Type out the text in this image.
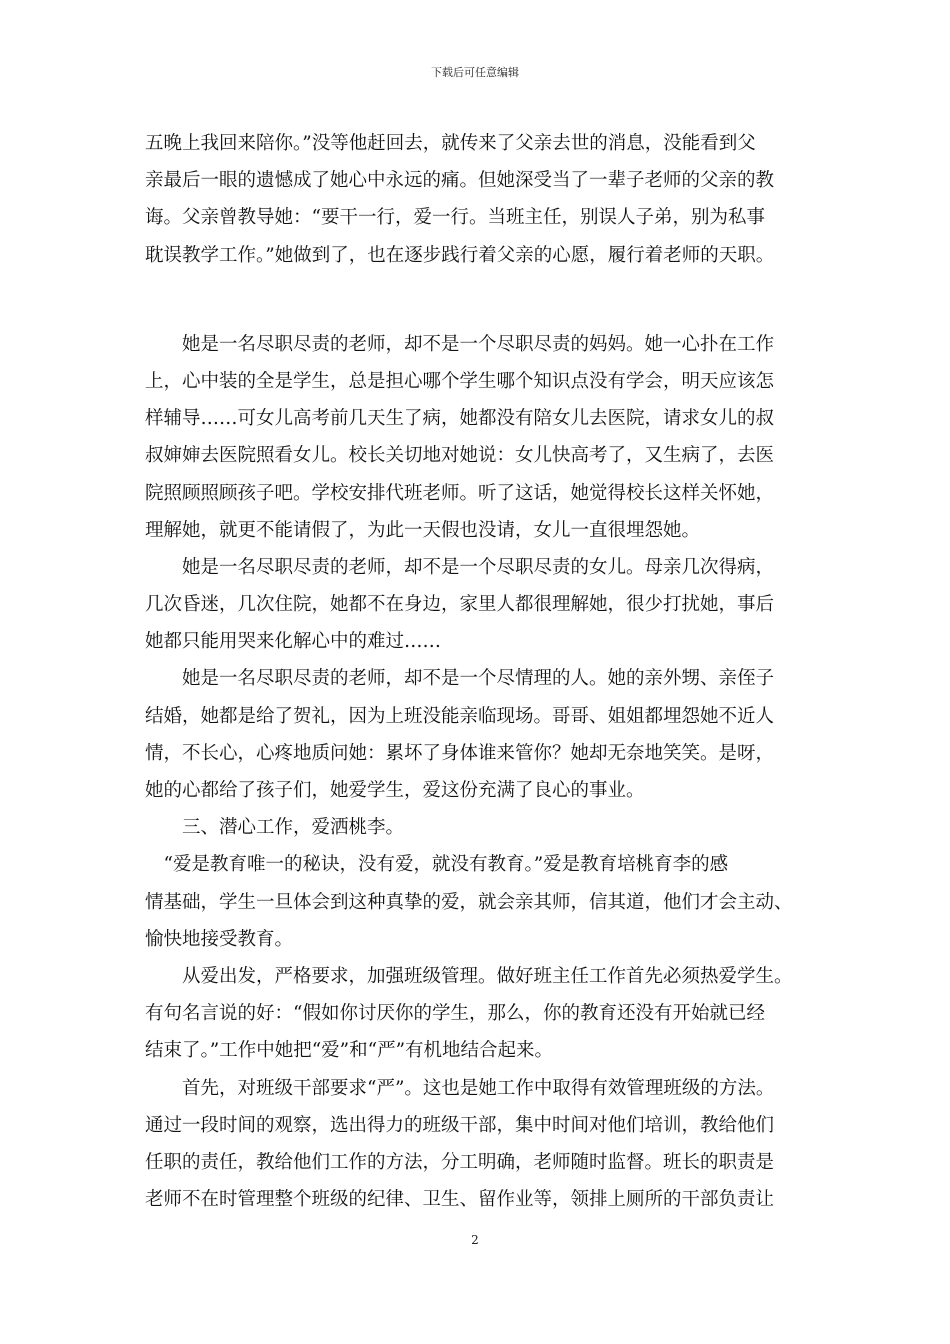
下载后可任意编辑
五晚上我回来陪你。”没等他赶回去，就传来了父亲去世的消息，没能看到父
亲最后一眼的遗憾成了她心中永远的痛。但她深受当了一辈子老师的父亲的教
诲。父亲曾教导她：“要干一行，爱一行。当班主任，别误人子弟，别为私事
耽误教学工作。”她做到了，也在逐步践行着父亲的心愿，履行着老师的天职。
　　她是一名尽职尽责的老师，却不是一个尽职尽责的妈妈。她一心扑在工作
上，心中装的全是学生，总是担心哪个学生哪个知识点没有学会，明天应该怎
样辅导……可女儿高考前几天生了病，她都没有陪女儿去医院，请求女儿的叔
叔婶婶去医院照看女儿。校长关切地对她说：女儿快高考了，又生病了，去医
院照顾照顾孩子吧。学校安排代班老师。听了这话，她觉得校长这样关怀她，
理解她，就更不能请假了，为此一天假也没请，女儿一直很埋怨她。
　　她是一名尽职尽责的老师，却不是一个尽职尽责的女儿。母亲几次得病，
几次昏迷，几次住院，她都不在身边，家里人都很理解她，很少打扰她，事后
她都只能用哭来化解心中的难过……
　　她是一名尽职尽责的老师，却不是一个尽情理的人。她的亲外甥、亲侄子
结婚，她都是给了贺礼，因为上班没能亲临现场。哥哥、姐姐都埋怨她不近人
情，不长心，心疼地质问她：累坏了身体谁来管你？她却无奈地笑笑。是呀，
她的心都给了孩子们，她爱学生，爱这份充满了良心的事业。
　　三、潜心工作，爱洒桃李。
　“爱是教育唯一的秘诀，没有爱，就没有教育。”爱是教育培桃育李的感
情基础，学生一旦体会到这种真挚的爱，就会亲其师，信其道，他们才会主动、
愉快地接受教育。
　　从爱出发，严格要求，加强班级管理。做好班主任工作首先必须热爱学生。
有句名言说的好：“假如你讨厌你的学生，那么，你的教育还没有开始就已经
结束了。”工作中她把“爱”和“严”有机地结合起来。
　　首先，对班级干部要求“严”。这也是她工作中取得有效管理班级的方法。
通过一段时间的观察，选出得力的班级干部，集中时间对他们培训，教给他们
任职的责任，教给他们工作的方法，分工明确，老师随时监督。班长的职责是
老师不在时管理整个班级的纪律、卫生、留作业等，领排上厕所的干部负责让
2
